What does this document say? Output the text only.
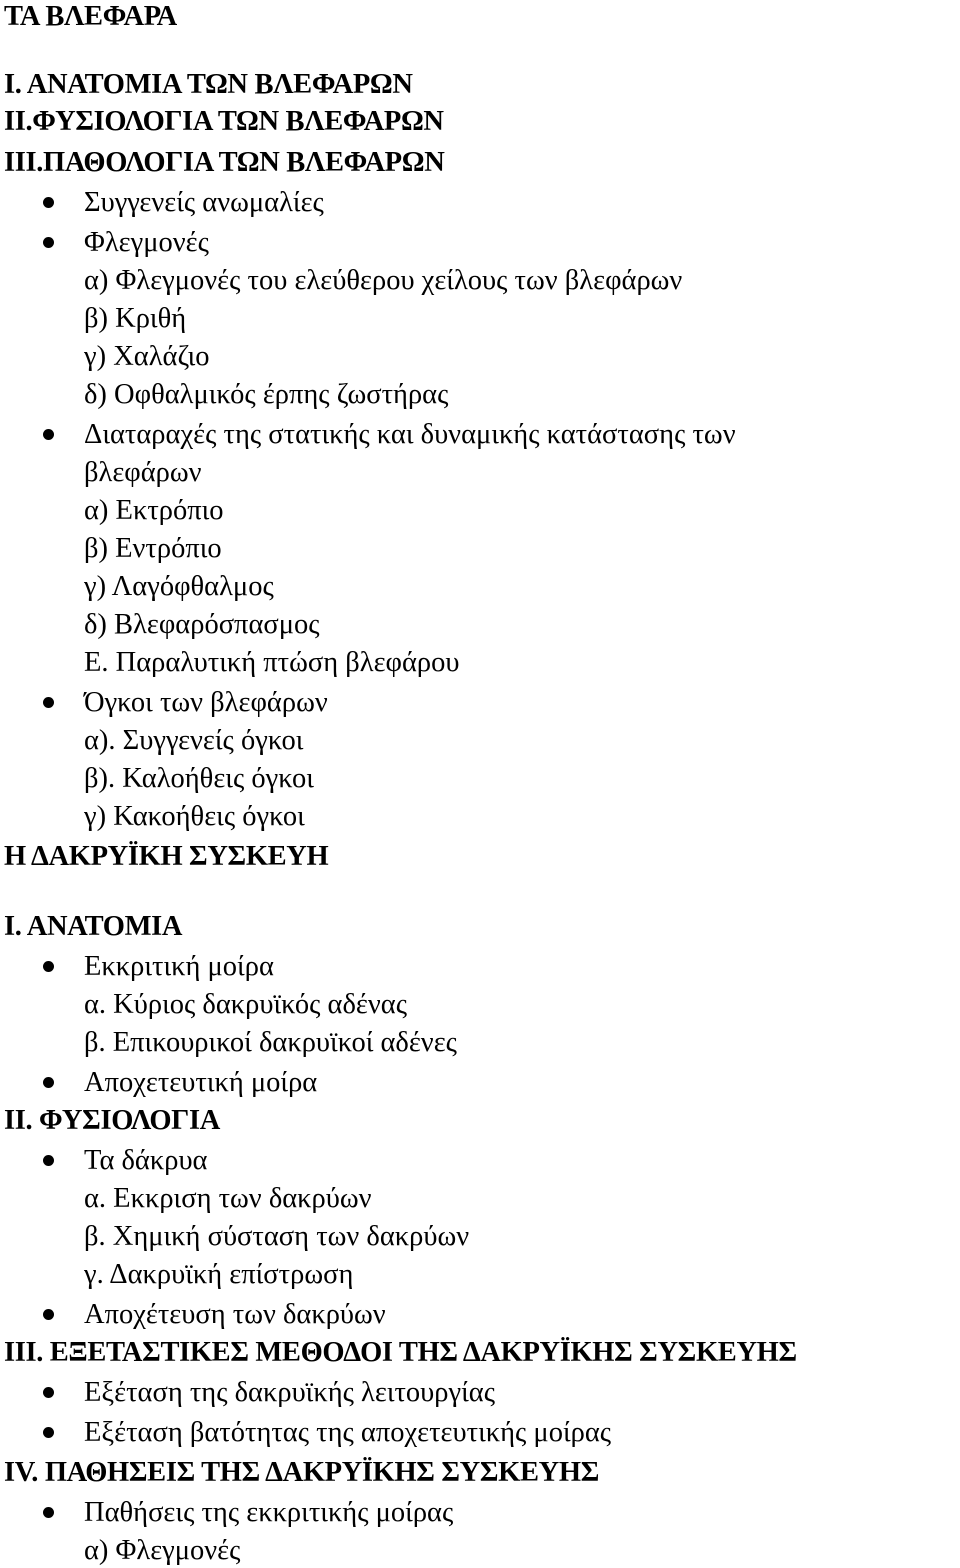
ΤΑ ΒΛΕΦΑΡΑ
Ι. ΑΝΑΤΟΜΙΑ ΤΩΝ ΒΛΕΦΑΡΩΝ
ΙΙ.ΦΥΣΙΟΛΟΓΙΑ ΤΩΝ ΒΛΕΦΑΡΩΝ
ΙΙΙ.ΠΑΘΟΛΟΓΙΑ ΤΩΝ ΒΛΕΦΑΡΩΝ
Συγγενείς ανωμαλίες
Φλεγμονές
α) Φλεγμονές του ελεύθερου χείλους των βλεφάρων
β) Κριθή
γ) Χαλάζιο
δ) Οφθαλμικός έρπης ζωστήρας
Διαταραχές της στατικής και δυναμικής κατάστασης των
βλεφάρων
α) Εκτρόπιο
β) Εντρόπιο
γ) Λαγόφθαλμος
δ) Βλεφαρόσπασμος
Ε. Παραλυτική πτώση βλεφάρου
Όγκοι των βλεφάρων
α). Συγγενείς όγκοι
β). Καλοήθεις όγκοι
γ) Κακοήθεις όγκοι
Η ΔΑΚΡΥΪΚΗ ΣΥΣΚΕΥΗ
Ι. ΑΝΑΤΟΜΙΑ
Εκκριτική μοίρα
α. Κύριος δακρυϊκός αδένας
β. Επικουρικοί δακρυϊκοί αδένες
Αποχετευτική μοίρα
ΙΙ. ΦΥΣΙΟΛΟΓΙΑ
Τα δάκρυα
α. Εκκριση των δακρύων
β. Χημική σύσταση των δακρύων
γ. Δακρυϊκή επίστρωση
Αποχέτευση των δακρύων
ΙΙΙ. ΕΞΕΤΑΣΤΙΚΕΣ ΜΕΘΟΔΟΙ ΤΗΣ ΔΑΚΡΥΪΚΗΣ ΣΥΣΚΕΥΗΣ
Εξέταση της δακρυϊκής λειτουργίας
Εξέταση βατότητας της αποχετευτικής μοίρας
ΙV. ΠΑΘΗΣΕΙΣ ΤΗΣ ΔΑΚΡΥΪΚΗΣ ΣΥΣΚΕΥΗΣ
Παθήσεις της εκκριτικής μοίρας
α) Φλεγμονές
